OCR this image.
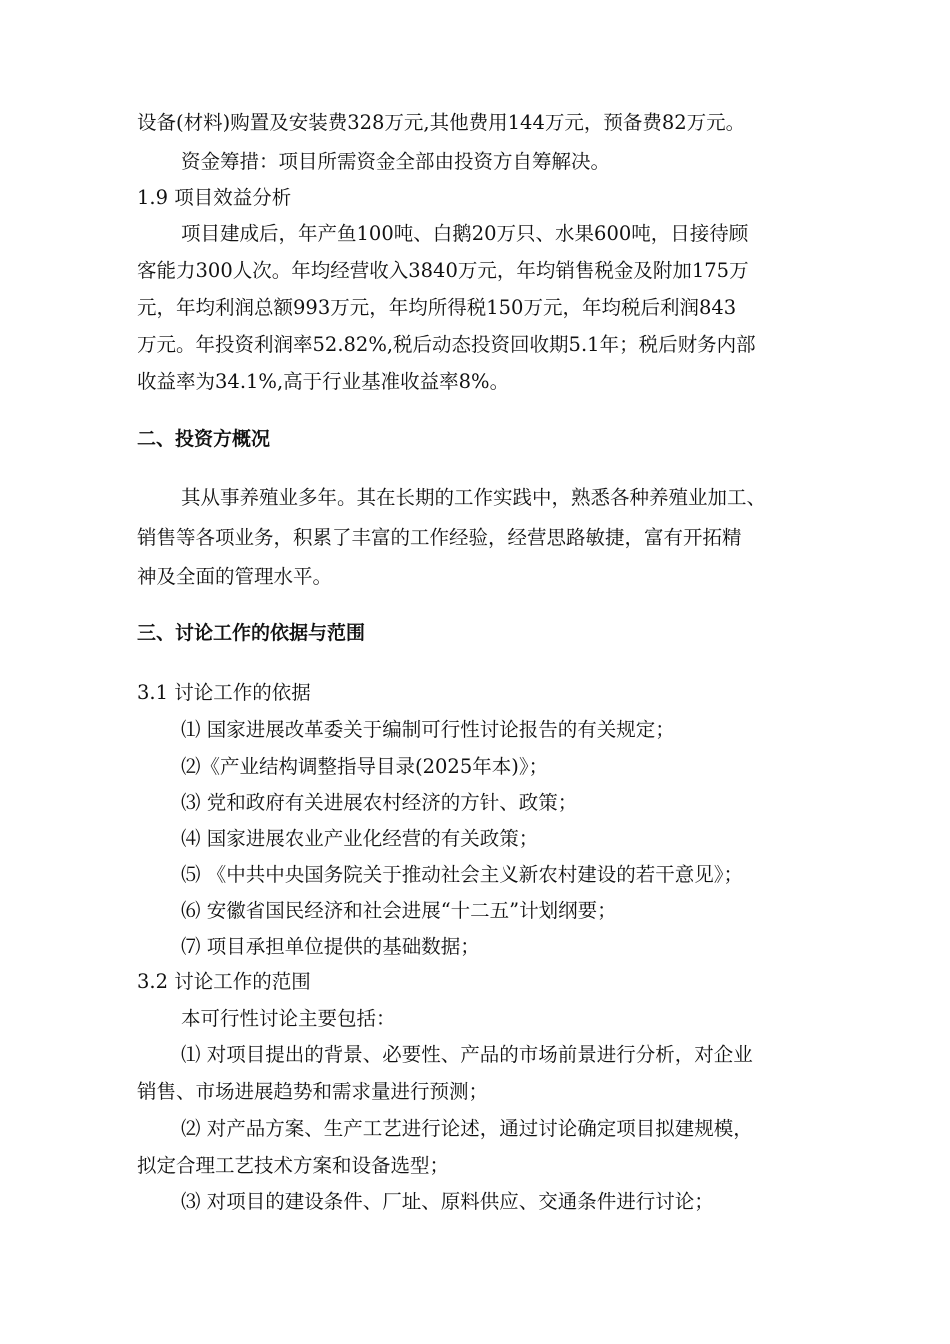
设备(材料)购置及安装费328万元,其他费用144万元，预备费82万元。
资金筹措：项目所需资金全部由投资方自筹解决。
1.9 项目效益分析
项目建成后，年产鱼100吨、白鹅20万只、水果600吨，日接待顾
客能力300人次。年均经营收入3840万元，年均销售税金及附加175万
元，年均利润总额993万元，年均所得税150万元，年均税后利润843
万元。年投资利润率52.82%,税后动态投资回收期5.1年；税后财务内部
收益率为34.1%,高于行业基准收益率8%。
二、投资方概况
其从事养殖业多年。其在长期的工作实践中，熟悉各种养殖业加工、
销售等各项业务，积累了丰富的工作经验，经营思路敏捷，富有开拓精
神及全面的管理水平。
三、讨论工作的依据与范围
3.1 讨论工作的依据
⑴ 国家进展改革委关于编制可行性讨论报告的有关规定；
⑵《产业结构调整指导目录(2025年本)》；
⑶ 党和政府有关进展农村经济的方针、政策；
⑷ 国家进展农业产业化经营的有关政策；
⑸ 《中共中央国务院关于推动社会主义新农村建设的若干意见》；
⑹ 安徽省国民经济和社会进展“十二五”计划纲要；
⑺ 项目承担单位提供的基础数据；
3.2 讨论工作的范围
本可行性讨论主要包括：
⑴ 对项目提出的背景、必要性、产品的市场前景进行分析，对企业
销售、市场进展趋势和需求量进行预测；
⑵ 对产品方案、生产工艺进行论述，通过讨论确定项目拟建规模，
拟定合理工艺技术方案和设备选型；
⑶ 对项目的建设条件、厂址、原料供应、交通条件进行讨论；
